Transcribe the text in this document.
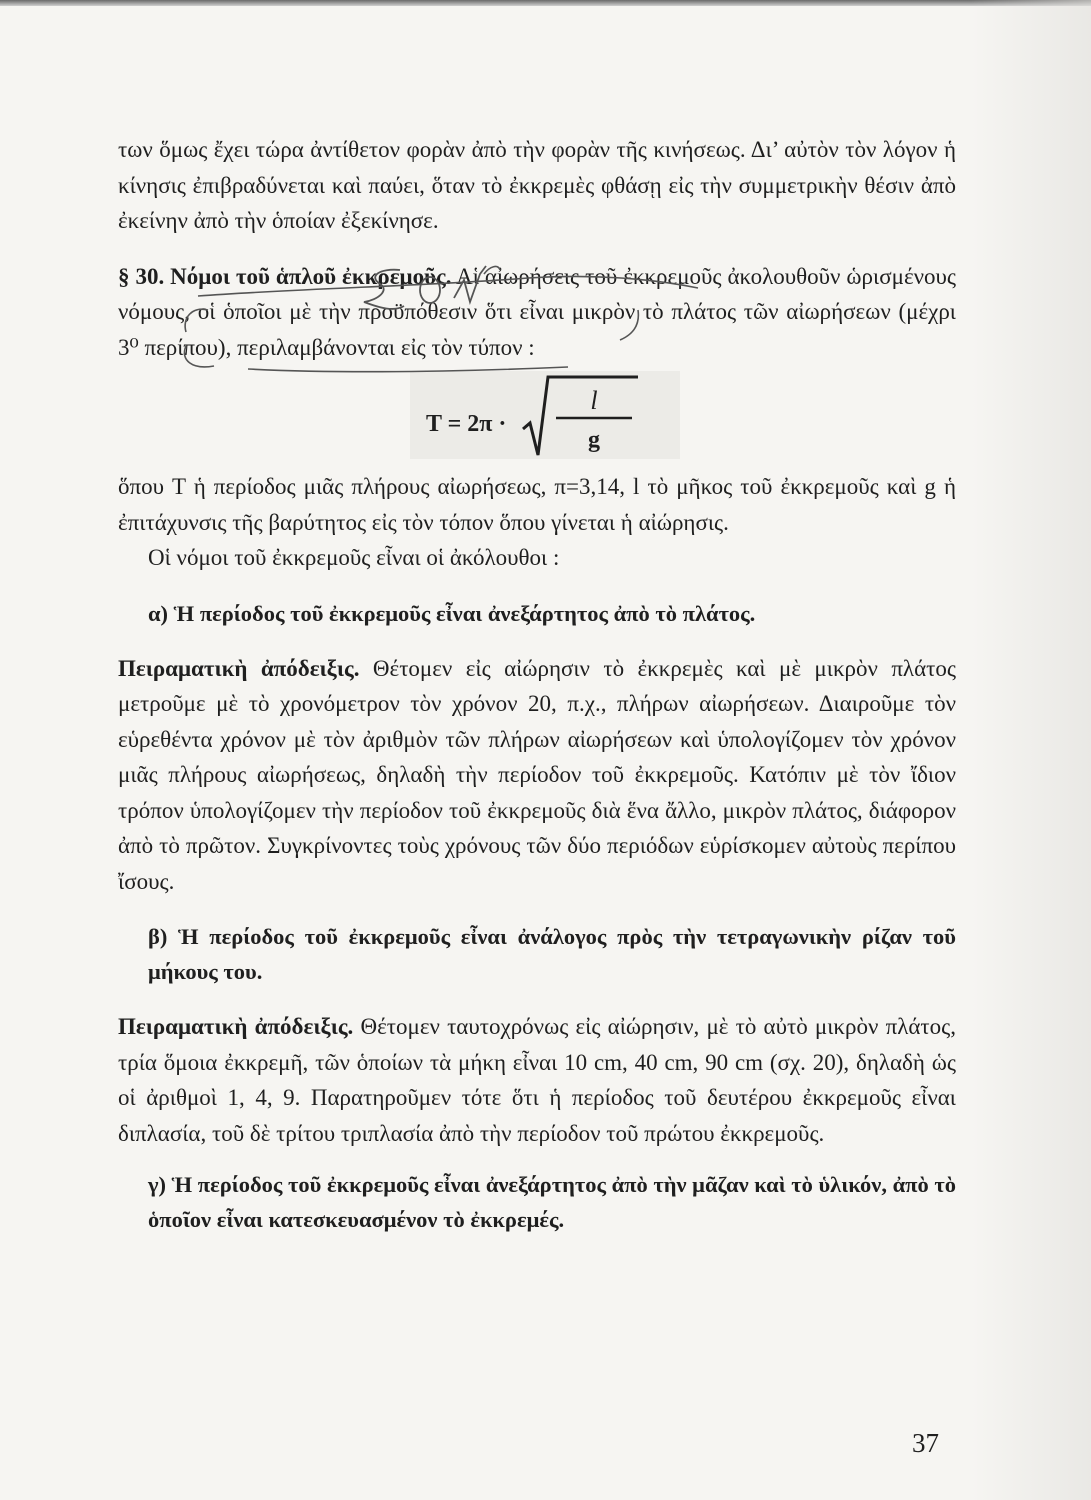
των ὅμως ἔχει τώρα ἀντίθετον φορὰν ἀπὸ τὴν φορὰν τῆς κινήσεως. Δι’ αὐτὸν τὸν λόγον ἡ κίνησις ἐπιβραδύνεται καὶ παύει, ὅταν τὸ ἐκκρεμὲς φθάσῃ εἰς τὴν συμμετρικὴν θέσιν ἀπὸ ἐκείνην ἀπὸ τὴν ὁποίαν ἐξεκίνησε.

§ 30. Νόμοι τοῦ ἁπλοῦ ἐκκρεμοῦς. Αἱ αἰωρήσεις τοῦ ἐκκρεμοῦς ἀκολουθοῦν ὡρισμένους νόμους, οἱ ὁποῖοι μὲ τὴν προϋπόθεσιν ὅτι εἶναι μικρὸν τὸ πλάτος τῶν αἰωρήσεων (μέχρι 3⁰ περίπου), περιλαμβάνονται εἰς τὸν τύπον :

T = 2π ·
l
g

ὅπου T ἡ περίοδος μιᾶς πλήρους αἰωρήσεως, π=3,14, l τὸ μῆκος τοῦ ἐκκρεμοῦς καὶ g ἡ ἐπιτάχυνσις τῆς βαρύτητος εἰς τὸν τόπον ὅπου γίνεται ἡ αἰώρησις.

Οἱ νόμοι τοῦ ἐκκρεμοῦς εἶναι οἱ ἀκόλουθοι :

α) Ἡ περίοδος τοῦ ἐκκρεμοῦς εἶναι ἀνεξάρτητος ἀπὸ τὸ πλάτος.

Πειραματικὴ ἀπόδειξις. Θέτομεν εἰς αἰώρησιν τὸ ἐκκρεμὲς καὶ μὲ μικρὸν πλάτος μετροῦμε μὲ τὸ χρονόμετρον τὸν χρόνον 20, π.χ., πλήρων αἰωρήσεων. Διαιροῦμε τὸν εὑρεθέντα χρόνον μὲ τὸν ἀριθμὸν τῶν πλήρων αἰωρήσεων καὶ ὑπολογίζομεν τὸν χρόνον μιᾶς πλήρους αἰωρήσεως, δηλαδὴ τὴν περίοδον τοῦ ἐκκρεμοῦς. Κατόπιν μὲ τὸν ἴδιον τρόπον ὑπολογίζομεν τὴν περίοδον τοῦ ἐκκρεμοῦς διὰ ἕνα ἄλλο, μικρὸν πλάτος, διάφορον ἀπὸ τὸ πρῶτον. Συγκρίνοντες τοὺς χρόνους τῶν δύο περιόδων εὑρίσκομεν αὐτοὺς περίπου ἴσους.

β) Ἡ περίοδος τοῦ ἐκκρεμοῦς εἶναι ἀνάλογος πρὸς τὴν τετραγωνικὴν ρίζαν τοῦ μήκους του.

Πειραματικὴ ἀπόδειξις. Θέτομεν ταυτοχρόνως εἰς αἰώρησιν, μὲ τὸ αὐτὸ μικρὸν πλάτος, τρία ὅμοια ἐκκρεμῆ, τῶν ὁποίων τὰ μήκη εἶναι 10 cm, 40 cm, 90 cm (σχ. 20), δηλαδὴ ὡς οἱ ἀριθμοὶ 1, 4, 9. Παρατηροῦμεν τότε ὅτι ἡ περίοδος τοῦ δευτέρου ἐκκρεμοῦς εἶναι διπλασία, τοῦ δὲ τρίτου τριπλασία ἀπὸ τὴν περίοδον τοῦ πρώτου ἐκκρεμοῦς.

γ) Ἡ περίοδος τοῦ ἐκκρεμοῦς εἶναι ἀνεξάρτητος ἀπὸ τὴν μᾶζαν καὶ τὸ ὑλικόν, ἀπὸ τὸ ὁποῖον εἶναι κατεσκευασμένον τὸ ἐκκρεμές.

37
